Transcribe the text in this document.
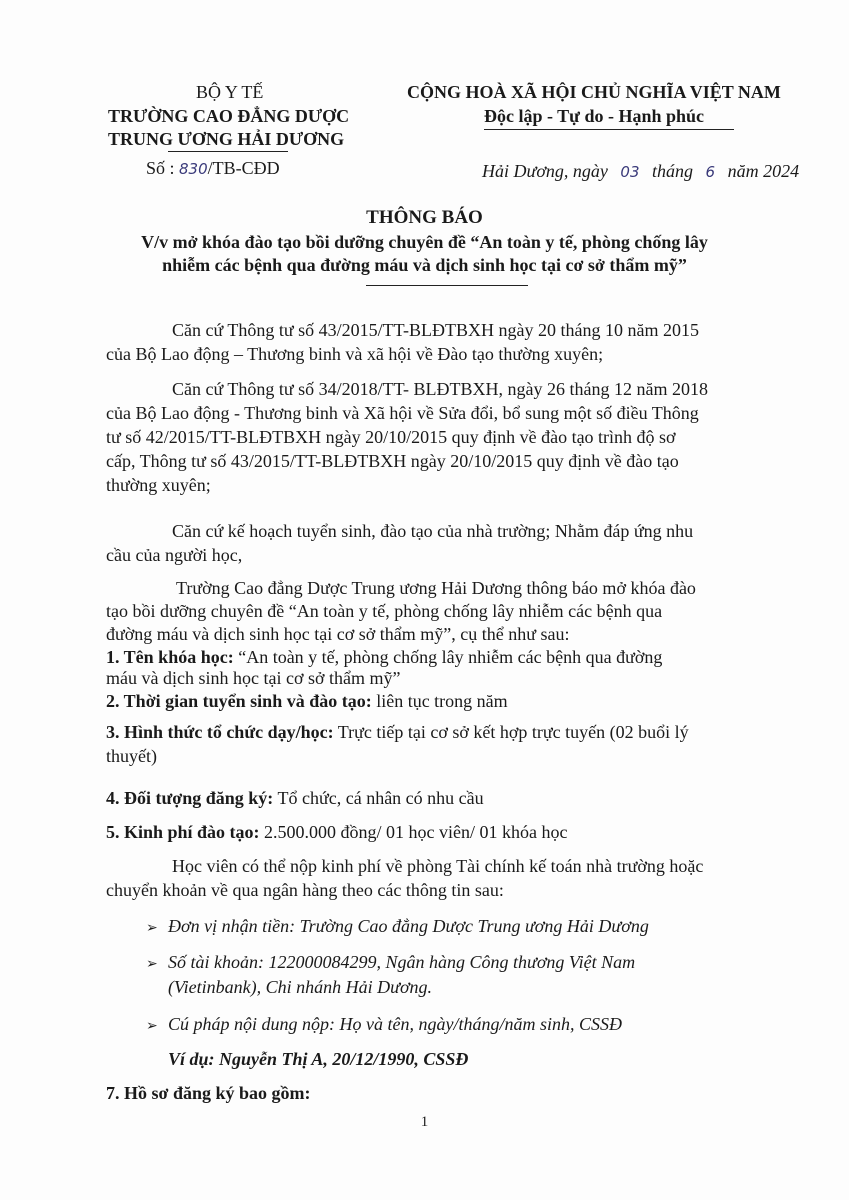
BỘ Y TẾ
TRƯỜNG CAO ĐẲNG DƯỢC
TRUNG ƯƠNG HẢI DƯƠNG
Số : 830/TB-CĐD
CỘNG HOÀ XÃ HỘI CHỦ NGHĨA VIỆT NAM
Độc lập - Tự do - Hạnh phúc
Hải Dương, ngày 03 tháng 6 năm 2024
THÔNG BÁO
V/v mở khóa đào tạo bồi dưỡng chuyên đề “An toàn y tế, phòng chống lây
nhiễm các bệnh qua đường máu và dịch sinh học tại cơ sở thẩm mỹ”
Căn cứ Thông tư số 43/2015/TT-BLĐTBXH ngày 20 tháng 10 năm 2015
của Bộ Lao động – Thương binh và xã hội về Đào tạo thường xuyên;
Căn cứ Thông tư số 34/2018/TT- BLĐTBXH, ngày 26 tháng 12 năm 2018
của Bộ Lao động - Thương binh và Xã hội về Sửa đổi, bổ sung một số điều Thông
tư số 42/2015/TT-BLĐTBXH ngày 20/10/2015 quy định về đào tạo trình độ sơ
cấp, Thông tư số 43/2015/TT-BLĐTBXH ngày 20/10/2015 quy định về đào tạo
thường xuyên;
Căn cứ kế hoạch tuyển sinh, đào tạo của nhà trường; Nhằm đáp ứng nhu
cầu của người học,
Trường Cao đẳng Dược Trung ương Hải Dương thông báo mở khóa đào
tạo bồi dưỡng chuyên đề “An toàn y tế, phòng chống lây nhiễm các bệnh qua
đường máu và dịch sinh học tại cơ sở thẩm mỹ”, cụ thể như sau:
1. Tên khóa học: “An toàn y tế, phòng chống lây nhiễm các bệnh qua đường
máu và dịch sinh học tại cơ sở thẩm mỹ”
2. Thời gian tuyển sinh và đào tạo: liên tục trong năm
3. Hình thức tổ chức dạy/học: Trực tiếp tại cơ sở kết hợp trực tuyến (02 buổi lý
thuyết)
4. Đối tượng đăng ký: Tổ chức, cá nhân có nhu cầu
5. Kinh phí đào tạo: 2.500.000 đồng/ 01 học viên/ 01 khóa học
Học viên có thể nộp kinh phí về phòng Tài chính kế toán nhà trường hoặc
chuyển khoản về qua ngân hàng theo các thông tin sau:
➢ Đơn vị nhận tiền: Trường Cao đẳng Dược Trung ương Hải Dương
➢ Số tài khoản: 122000084299, Ngân hàng Công thương Việt Nam
(Vietinbank), Chi nhánh Hải Dương.
➢ Cú pháp nội dung nộp: Họ và tên, ngày/tháng/năm sinh, CSSĐ
Ví dụ: Nguyễn Thị A, 20/12/1990, CSSĐ
7. Hồ sơ đăng ký bao gồm:
1
